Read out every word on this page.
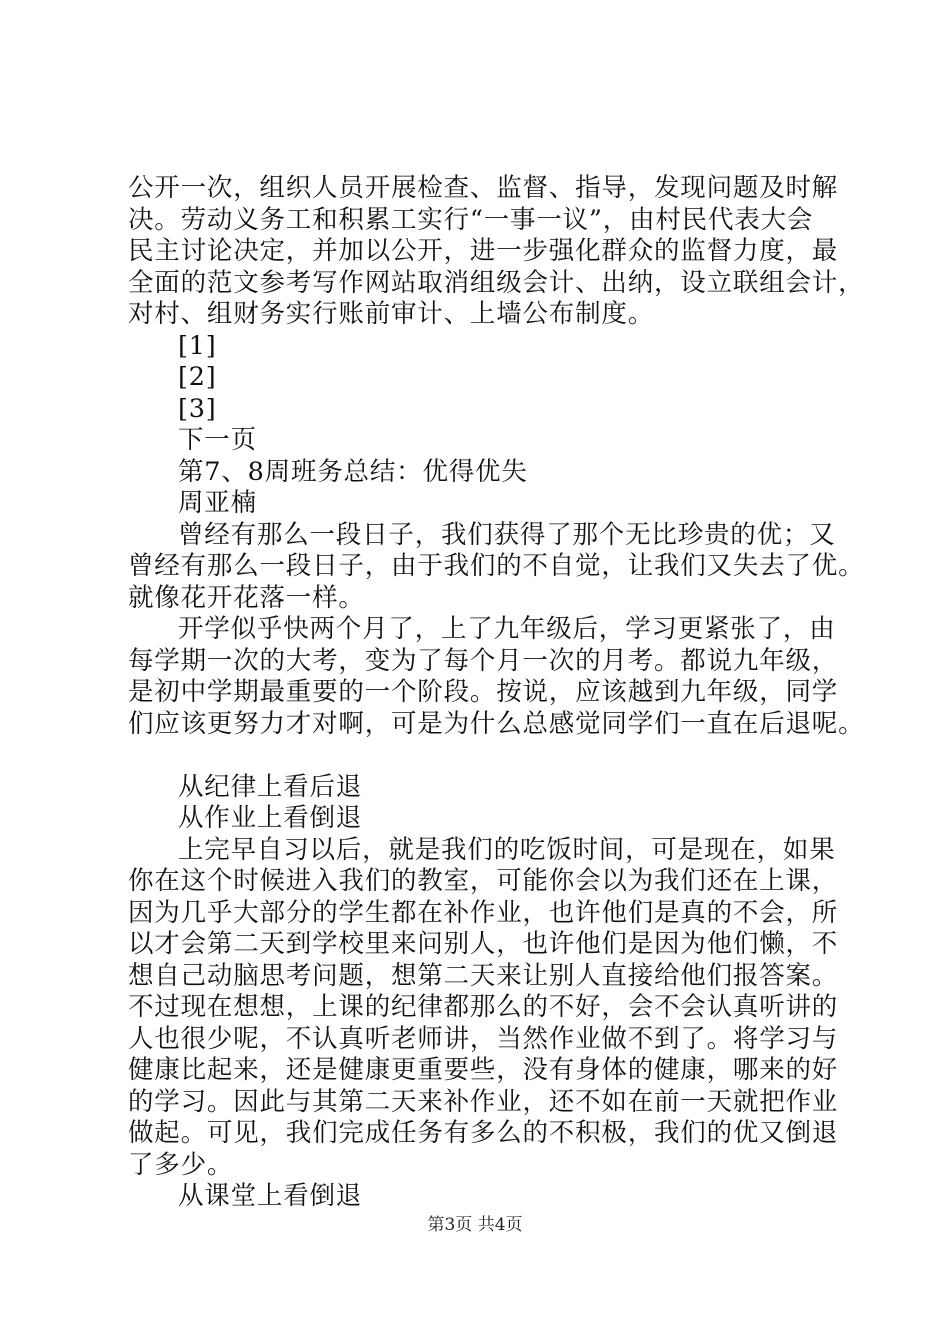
公开一次，组织人员开展检查、监督、指导，发现问题及时解
决。劳动义务工和积累工实行“一事一议”，由村民代表大会
民主讨论决定，并加以公开，进一步强化群众的监督力度，最
全面的范文参考写作网站取消组级会计、出纳，设立联组会计，
对村、组财务实行账前审计、上墙公布制度。
[1]
[2]
[3]
下一页
第7、8周班务总结：优得优失
周亚楠
曾经有那么一段日子，我们获得了那个无比珍贵的优；又
曾经有那么一段日子，由于我们的不自觉，让我们又失去了优。
就像花开花落一样。
开学似乎快两个月了，上了九年级后，学习更紧张了，由
每学期一次的大考，变为了每个月一次的月考。都说九年级，
是初中学期最重要的一个阶段。按说，应该越到九年级，同学
们应该更努力才对啊，可是为什么总感觉同学们一直在后退呢。
从纪律上看后退
从作业上看倒退
上完早自习以后，就是我们的吃饭时间，可是现在，如果
你在这个时候进入我们的教室，可能你会以为我们还在上课，
因为几乎大部分的学生都在补作业，也许他们是真的不会，所
以才会第二天到学校里来问别人，也许他们是因为他们懒，不
想自己动脑思考问题，想第二天来让别人直接给他们报答案。
不过现在想想，上课的纪律都那么的不好，会不会认真听讲的
人也很少呢，不认真听老师讲，当然作业做不到了。将学习与
健康比起来，还是健康更重要些，没有身体的健康，哪来的好
的学习。因此与其第二天来补作业，还不如在前一天就把作业
做起。可见，我们完成任务有多么的不积极，我们的优又倒退
了多少。
从课堂上看倒退
第3页 共4页
